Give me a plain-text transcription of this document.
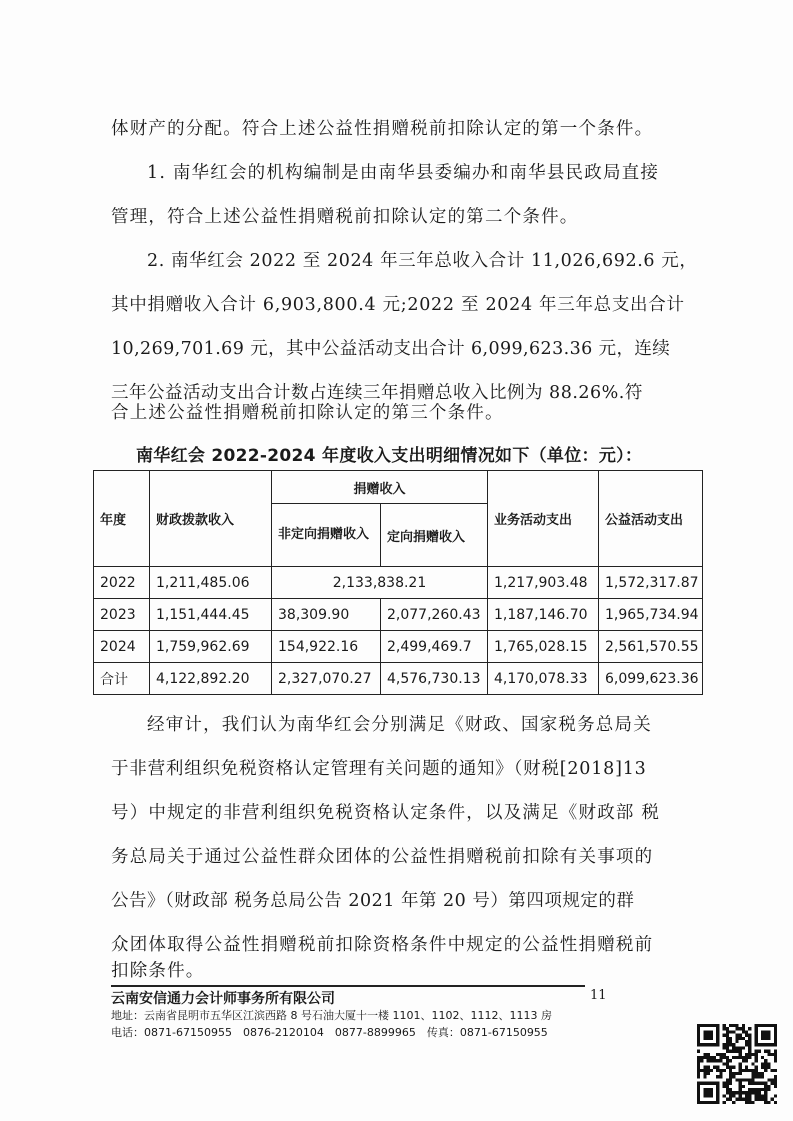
体财产的分配。符合上述公益性捐赠税前扣除认定的第一个条件。
1. 南华红会的机构编制是由南华县委编办和南华县民政局直接
管理，符合上述公益性捐赠税前扣除认定的第二个条件。
2. 南华红会 2022 至 2024 年三年总收入合计 11,026,692.6 元，
其中捐赠收入合计 6,903,800.4 元;2022 至 2024 年三年总支出合计
10,269,701.69 元，其中公益活动支出合计 6,099,623.36 元，连续
三年公益活动支出合计数占连续三年捐赠总收入比例为 88.26%.符
合上述公益性捐赠税前扣除认定的第三个条件。
南华红会 2022-2024 年度收入支出明细情况如下（单位：元）：
年度	财政拨款收入	捐赠收入		业务活动支出	公益活动支出
		非定向捐赠收入	定向捐赠收入		
2022	1,211,485.06	2,133,838.21		1,217,903.48	1,572,317.87
2023	1,151,444.45	38,309.90	2,077,260.43	1,187,146.70	1,965,734.94
2024	1,759,962.69	154,922.16	2,499,469.7	1,765,028.15	2,561,570.55
合计	4,122,892.20	2,327,070.27	4,576,730.13	4,170,078.33	6,099,623.36
经审计，我们认为南华红会分别满足《财政、国家税务总局关
于非营利组织免税资格认定管理有关问题的通知》（财税[2018]13
号）中规定的非营利组织免税资格认定条件，以及满足《财政部 税
务总局关于通过公益性群众团体的公益性捐赠税前扣除有关事项的
公告》（财政部 税务总局公告 2021 年第 20 号）第四项规定的群
众团体取得公益性捐赠税前扣除资格条件中规定的公益性捐赠税前
扣除条件。
云南安信通力会计师事务所有限公司	11
地址：云南省昆明市五华区江滨西路 8 号石油大厦十一楼 1101、1102、1112、1113 房
电话：0871-67150955　0876-2120104　0877-8899965　传真：0871-67150955
